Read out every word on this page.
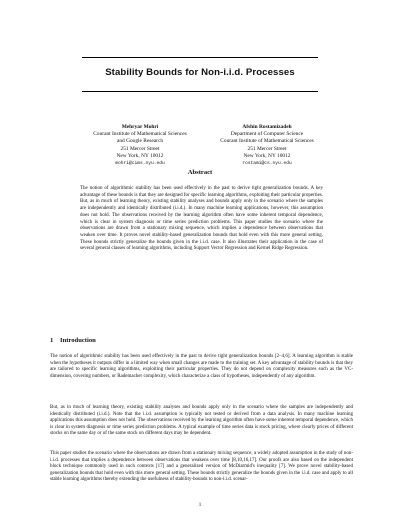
Stability Bounds for Non-i.i.d. Processes
Mehryar Mohri
Courant Institute of Mathematical Sciences
and Google Research
251 Mercer Street
New York, NY 10012
mohri@cims.nyu.edu
Afshin Rostamizadeh
Department of Computer Science
Courant Institute of Mathematical Sciences
251 Mercer Street
New York, NY 10012
rostami@cs.nyu.edu
Abstract
The notion of algorithmic stability has been used effectively in the past to derive tight generalization bounds. A key advantage of these bounds is that they are designed for specific learning algorithms, exploiting their particular properties. But, as in much of learning theory, existing stability analyses and bounds apply only in the scenario where the samples are independently and identically distributed (i.i.d.). In many machine learning applications, however, this assumption does not hold. The observations received by the learning algorithm often have some inherent temporal dependence, which is clear in system diagnosis or time series prediction problems. This paper studies the scenario where the observations are drawn from a stationary mixing sequence, which implies a dependence between observations that weaken over time. It proves novel stability-based generalization bounds that hold even with this more general setting. These bounds strictly generalize the bounds given in the i.i.d. case. It also illustrates their application in the case of several general classes of learning algorithms, including Support Vector Regression and Kernel Ridge Regression.
1 Introduction
The notion of algorithmic stability has been used effectively in the past to derive tight generalization bounds [2–4,6]. A learning algorithm is stable when the hypotheses it outputs differ in a limited way when small changes are made to the training set. A key advantage of stability bounds is that they are tailored to specific learning algorithms, exploiting their particular properties. They do not depend on complexity measures such as the VC-dimension, covering numbers, or Rademacher complexity, which characterize a class of hypotheses, independently of any algorithm.
But, as in much of learning theory, existing stability analyses and bounds apply only in the scenario where the samples are independently and identically distributed (i.i.d.). Note that the i.i.d. assumption is typically not tested or derived from a data analysis. In many machine learning applications this assumption does not hold. The observations received by the learning algorithm often have some inherent temporal dependence, which is clear in system diagnosis or time series prediction problems. A typical example of time series data is stock pricing, where clearly prices of different stocks on the same day or of the same stock on different days may be dependent.
This paper studies the scenario where the observations are drawn from a stationary mixing sequence, a widely adopted assumption in the study of non-i.i.d. processes that implies a dependence between observations that weakens over time [8,10,16,17]. Our proofs are also based on the independent block technique commonly used in such contexts [17] and a generalized version of McDiarmid's inequality [7]. We prove novel stability-based generalization bounds that hold even with this more general setting. These bounds strictly generalize the bounds given in the i.i.d. case and apply to all stable learning algorithms thereby extending the usefulness of stability-bounds to non-i.i.d. scenar-
1
